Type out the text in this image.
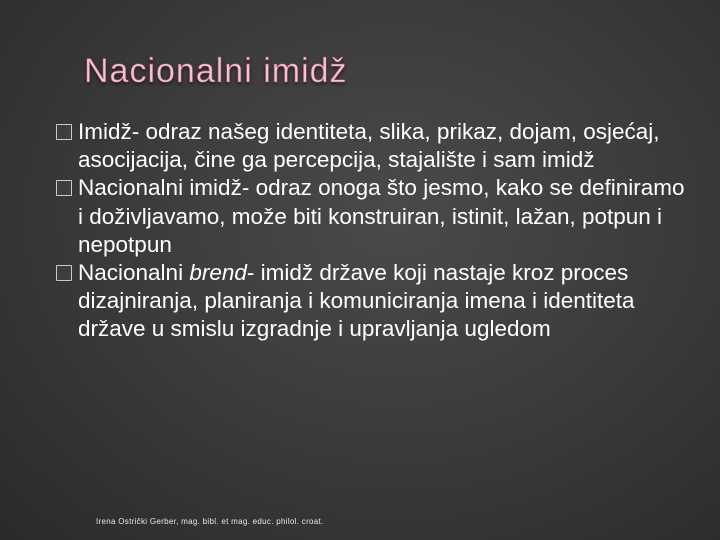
Nacionalni imidž

Imidž- odraz našeg identiteta, slika, prikaz, dojam, osjećaj, asocijacija, čine ga percepcija, stajalište i sam imidž

Nacionalni imidž- odraz onoga što jesmo, kako se definiramo i doživljavamo, može biti konstruiran, istinit, lažan, potpun i nepotpun

Nacionalni brend- imidž države koji nastaje kroz proces dizajniranja, planiranja i komuniciranja imena i identiteta države u smislu izgradnje i upravljanja ugledom

Irena Ostrički Gerber, mag. bibl. et mag. educ. philol. croat.
